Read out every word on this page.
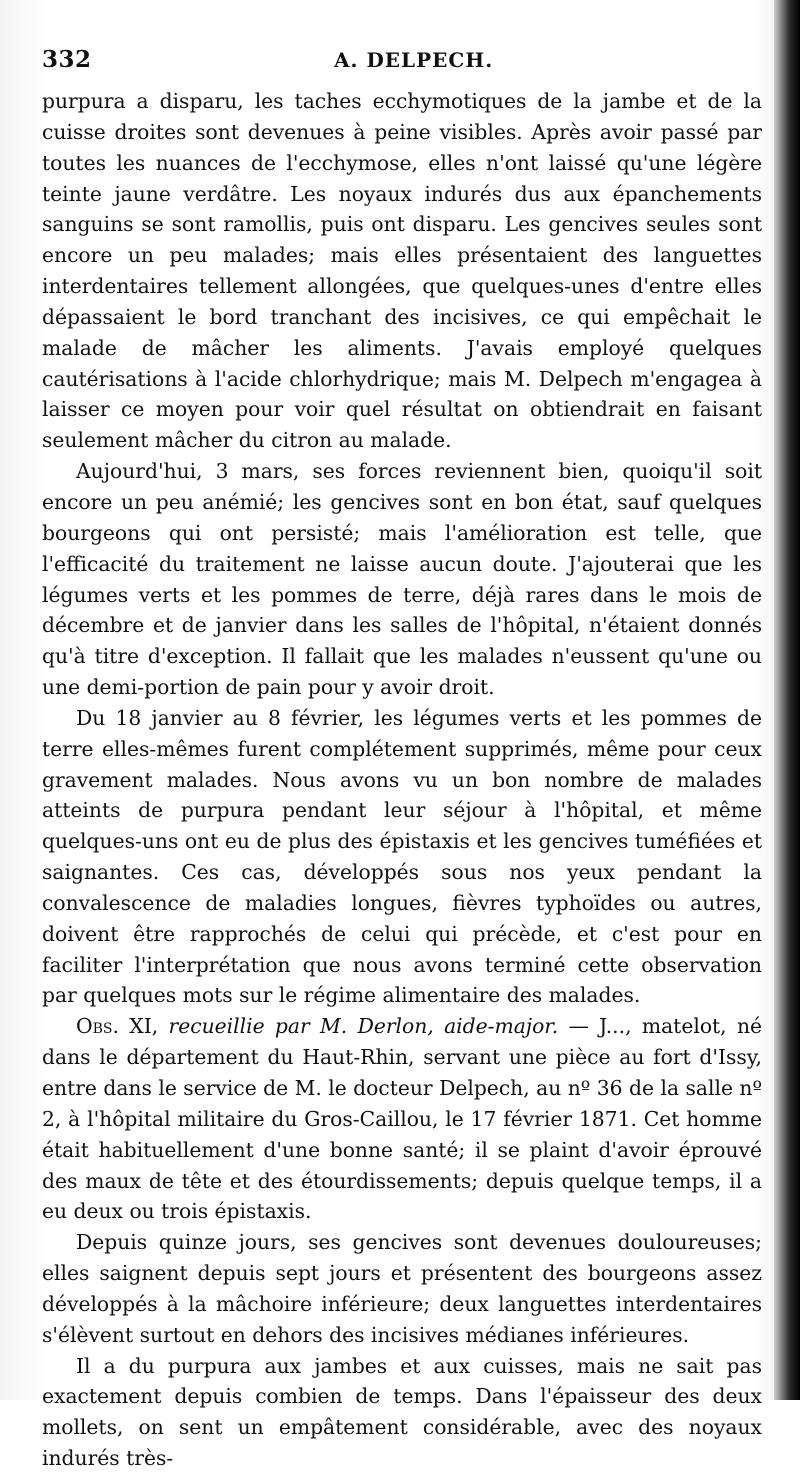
332	A. DELPECH.

purpura a disparu, les taches ecchymotiques de la jambe et de la cuisse droites sont devenues à peine visibles. Après avoir passé par toutes les nuances de l'ecchymose, elles n'ont laissé qu'une légère teinte jaune verdâtre. Les noyaux indurés dus aux épanchements sanguins se sont ramollis, puis ont disparu. Les gencives seules sont encore un peu malades; mais elles présentaient des languettes interdentaires tellement allongées, que quelques-unes d'entre elles dépassaient le bord tranchant des incisives, ce qui empêchait le malade de mâcher les aliments. J'avais employé quelques cautérisations à l'acide chlorhydrique; mais M. Delpech m'engagea à laisser ce moyen pour voir quel résultat on obtiendrait en faisant seulement mâcher du citron au malade.

Aujourd'hui, 3 mars, ses forces reviennent bien, quoiqu'il soit encore un peu anémié; les gencives sont en bon état, sauf quelques bourgeons qui ont persisté; mais l'amélioration est telle, que l'efficacité du traitement ne laisse aucun doute. J'ajouterai que les légumes verts et les pommes de terre, déjà rares dans le mois de décembre et de janvier dans les salles de l'hôpital, n'étaient donnés qu'à titre d'exception. Il fallait que les malades n'eussent qu'une ou une demi-portion de pain pour y avoir droit.

Du 18 janvier au 8 février, les légumes verts et les pommes de terre elles-mêmes furent complétement supprimés, même pour ceux gravement malades. Nous avons vu un bon nombre de malades atteints de purpura pendant leur séjour à l'hôpital, et même quelques-uns ont eu de plus des épistaxis et les gencives tuméfiées et saignantes. Ces cas, développés sous nos yeux pendant la convalescence de maladies longues, fièvres typhoïdes ou autres, doivent être rapprochés de celui qui précède, et c'est pour en faciliter l'interprétation que nous avons terminé cette observation par quelques mots sur le régime alimentaire des malades.

Obs. XI, recueillie par M. Derlon, aide-major. — J..., matelot, né dans le département du Haut-Rhin, servant une pièce au fort d'Issy, entre dans le service de M. le docteur Delpech, au nº 36 de la salle nº 2, à l'hôpital militaire du Gros-Caillou, le 17 février 1871. Cet homme était habituellement d'une bonne santé; il se plaint d'avoir éprouvé des maux de tête et des étourdissements; depuis quelque temps, il a eu deux ou trois épistaxis.

Depuis quinze jours, ses gencives sont devenues douloureuses; elles saignent depuis sept jours et présentent des bourgeons assez développés à la mâchoire inférieure; deux languettes interdentaires s'élèvent surtout en dehors des incisives médianes inférieures.

Il a du purpura aux jambes et aux cuisses, mais ne sait pas exactement depuis combien de temps. Dans l'épaisseur des deux mollets, on sent un empâtement considérable, avec des noyaux indurés très-
